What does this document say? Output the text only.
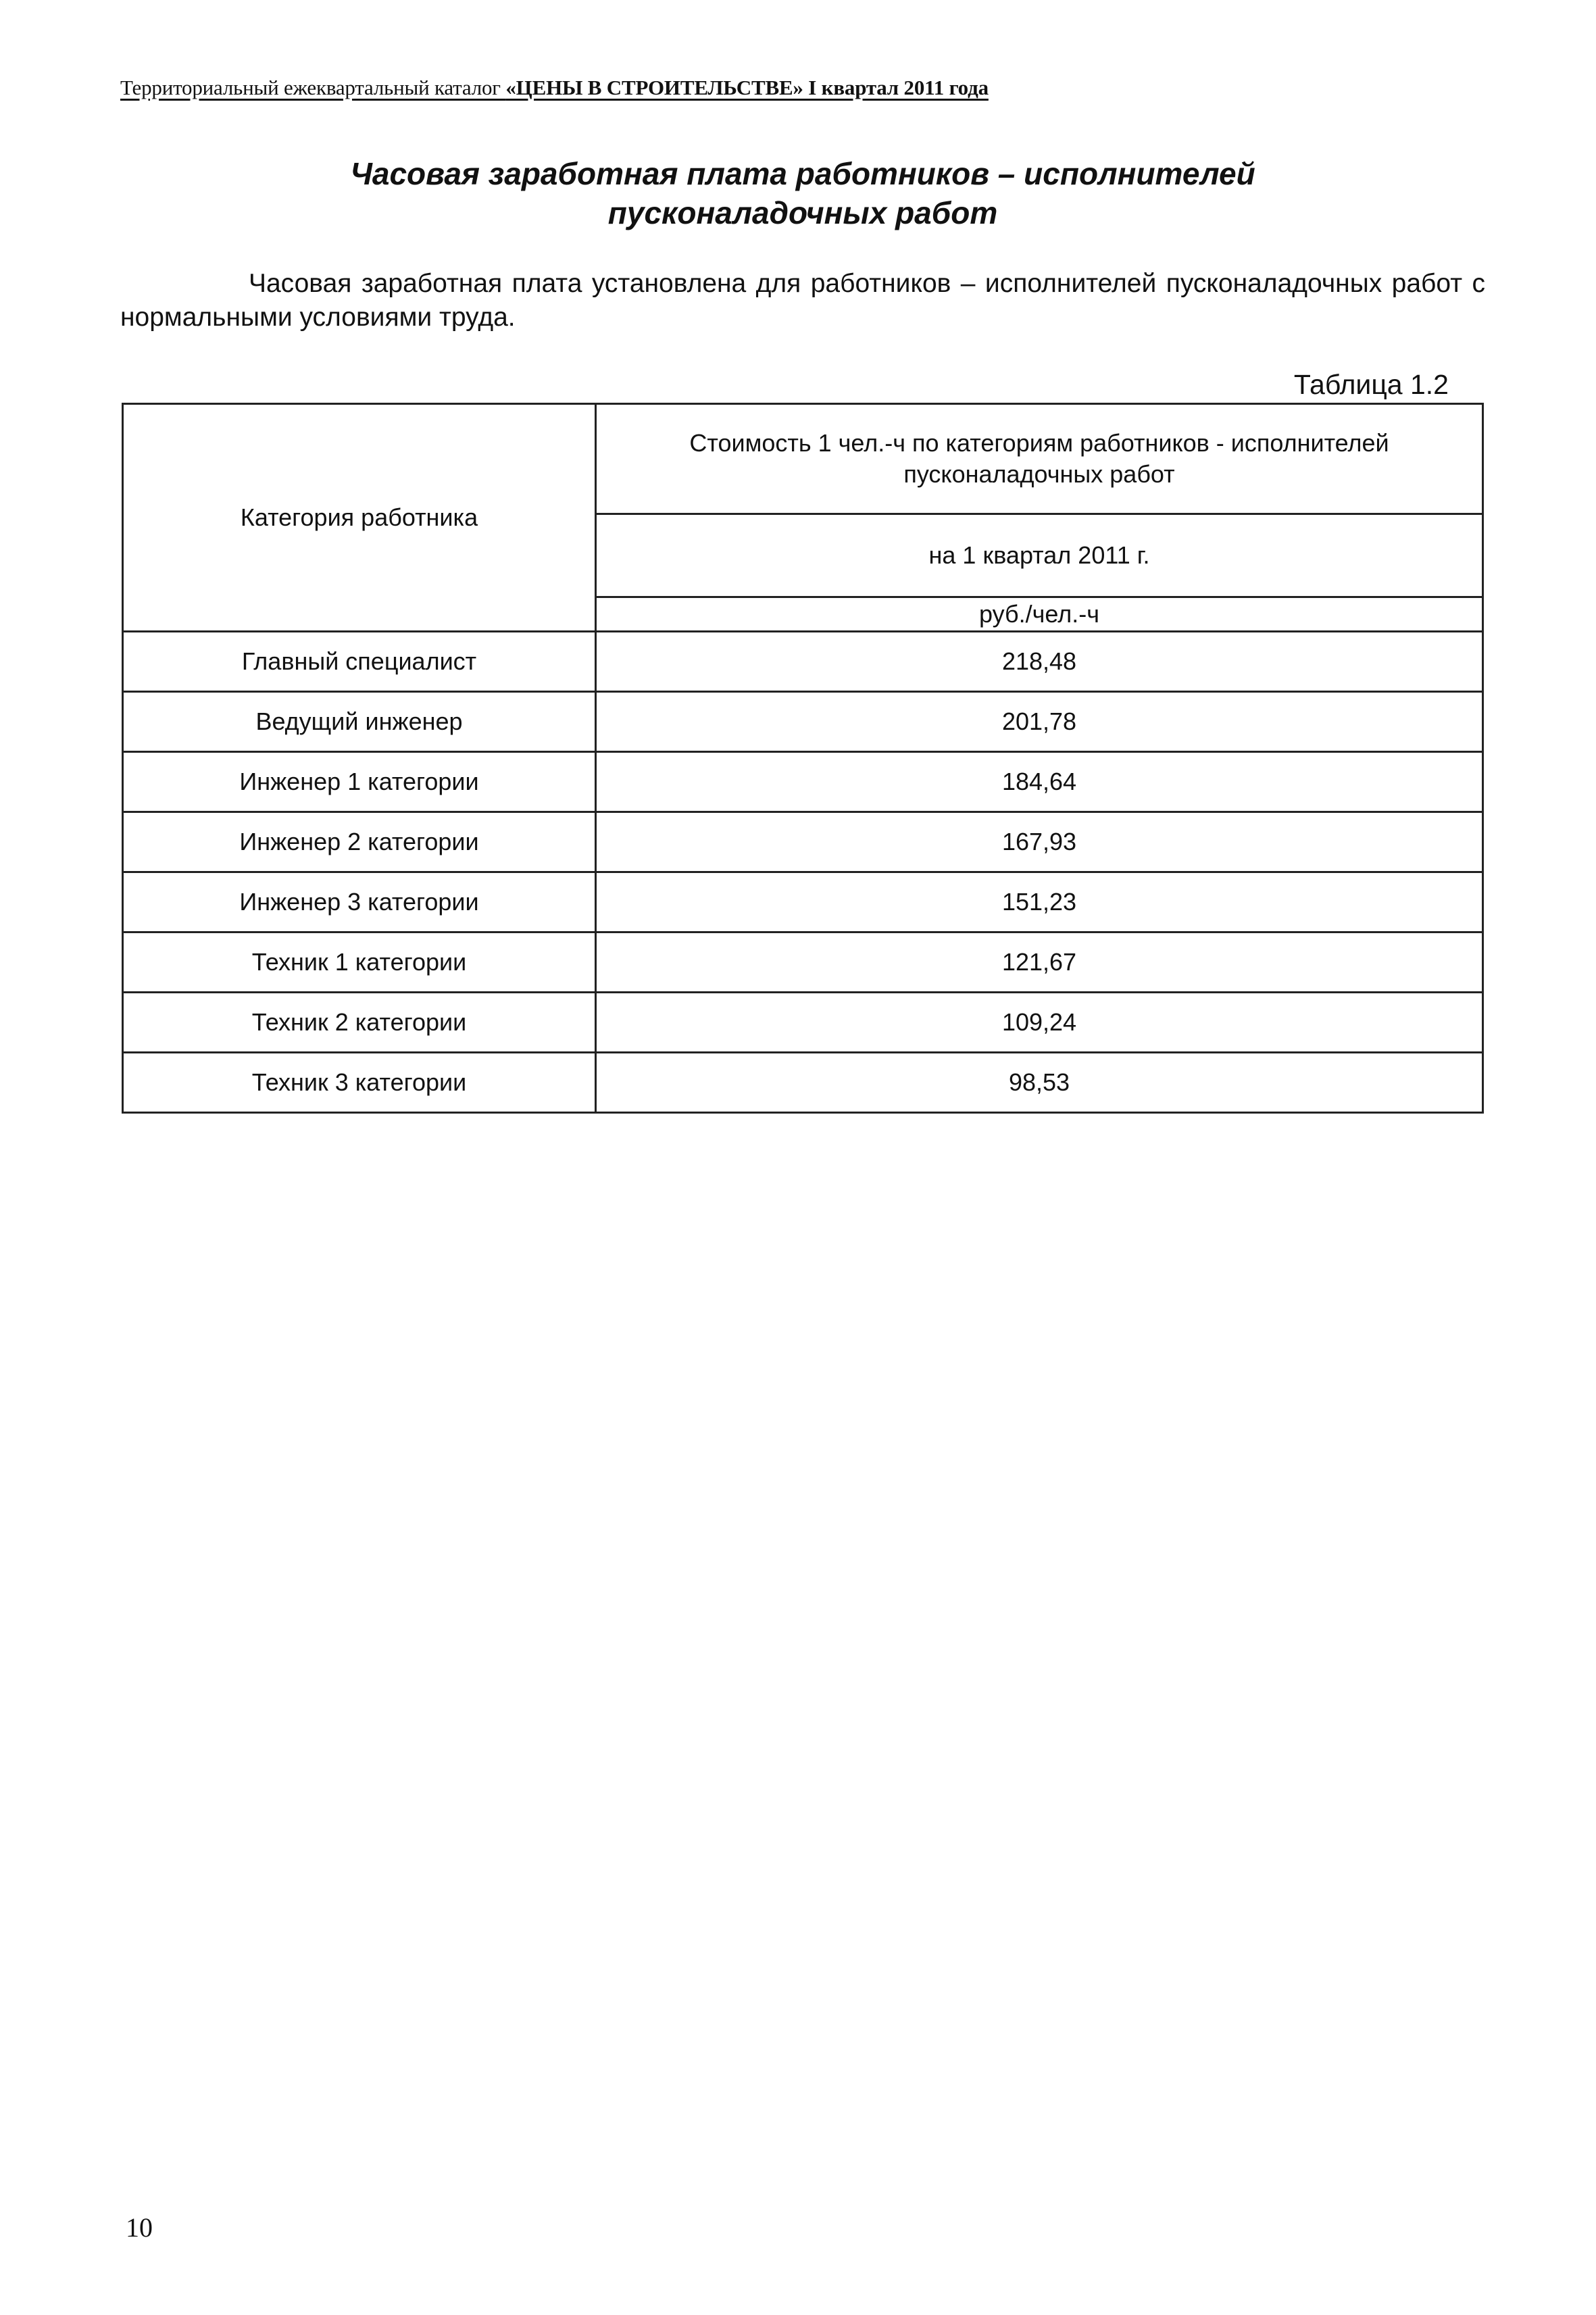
Территориальный ежеквартальный каталог «ЦЕНЫ В СТРОИТЕЛЬСТВЕ» I квартал 2011 года
Часовая заработная плата работников – исполнителей
пусконаладочных работ
Часовая заработная плата установлена для работников – исполнителей пусконаладочных работ с нормальными условиями труда.
Таблица 1.2
Категория работника	Стоимость 1 чел.-ч по категориям работников - исполнителей пусконаладочных работ
	на 1 квартал 2011 г.
	руб./чел.-ч
Главный специалист	218,48
Ведущий инженер	201,78
Инженер 1 категории	184,64
Инженер 2 категории	167,93
Инженер 3 категории	151,23
Техник 1 категории	121,67
Техник 2 категории	109,24
Техник 3 категории	98,53
10
